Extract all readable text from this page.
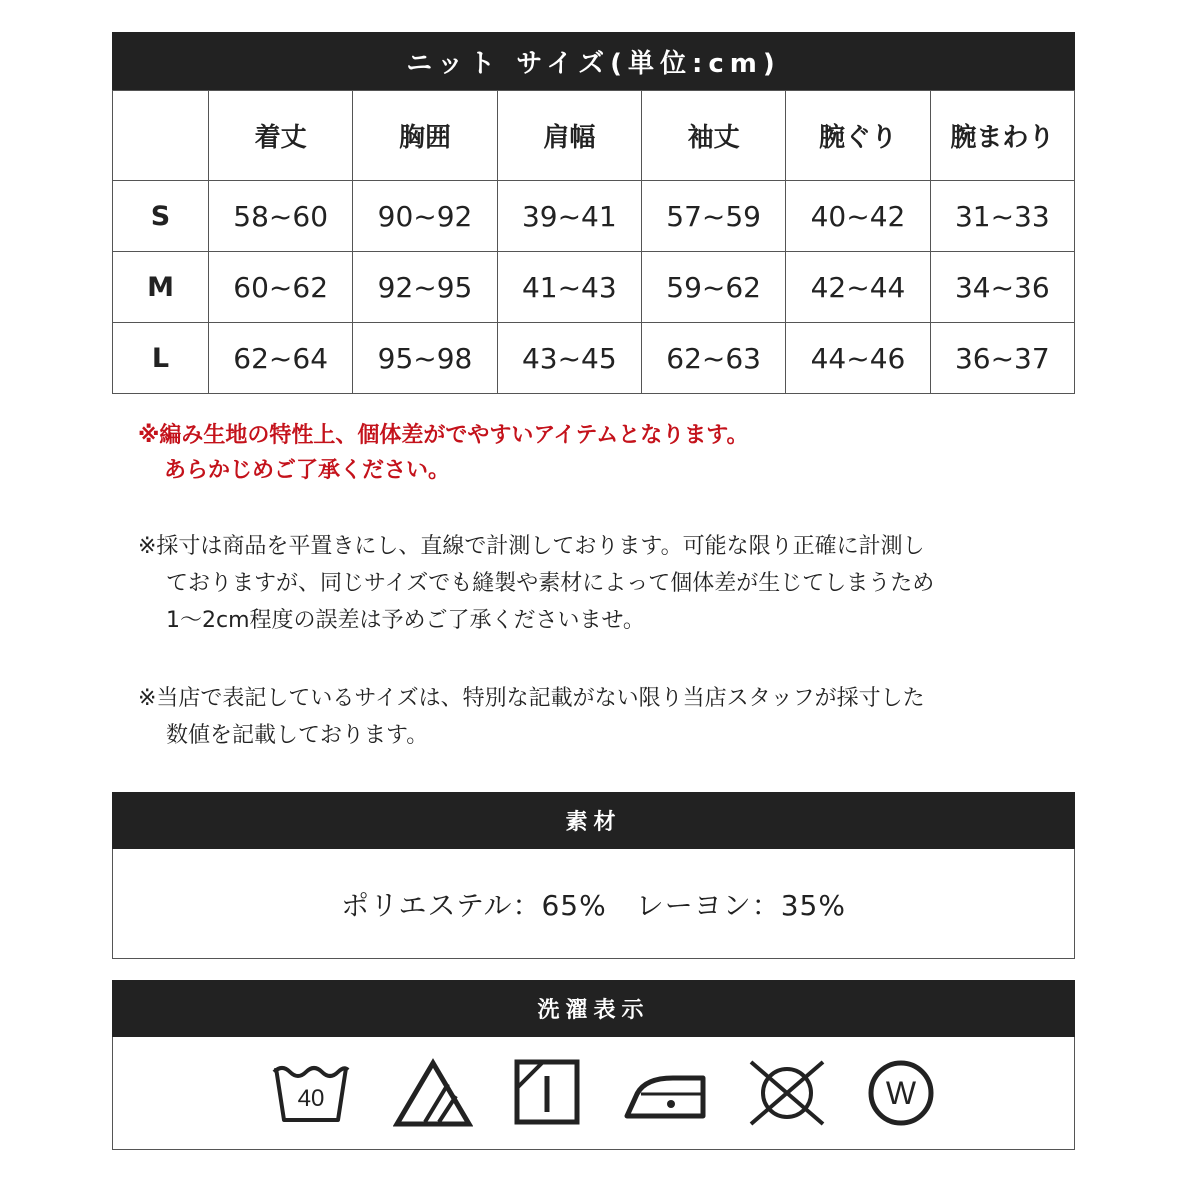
ニット サイズ(単位:cm)
	着丈	胸囲	肩幅	袖丈	腕ぐり	腕まわり
S	58~60	90~92	39~41	57~59	40~42	31~33
M	60~62	92~95	41~43	59~62	42~44	34~36
L	62~64	95~98	43~45	62~63	44~46	36~37
※編み生地の特性上、個体差がでやすいアイテムとなります。
あらかじめご了承ください。
※採寸は商品を平置きにし、直線で計測しております。可能な限り正確に計測し
ておりますが、同じサイズでも縫製や素材によって個体差が生じてしまうため
1～2cm程度の誤差は予めご了承くださいませ。
※当店で表記しているサイズは、特別な記載がない限り当店スタッフが採寸した
数値を記載しております。
素材
ポリエステル：65%　レーヨン：35%
洗濯表示
40	W
